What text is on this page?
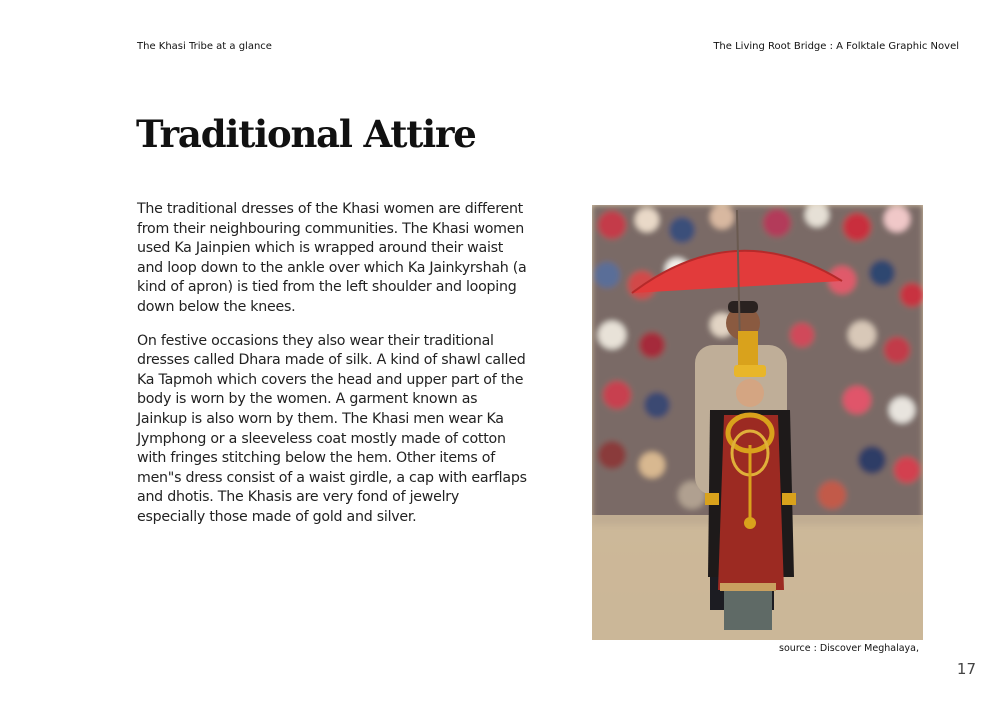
The Khasi Tribe at a glance	The Living Root Bridge : A Folktale Graphic Novel
Traditional Attire

The traditional dresses of the Khasi women are different from their neighbouring communities. The Khasi women used Ka Jainpien which is wrapped around their waist and loop down to the ankle over which Ka Jainkyrshah (a kind of apron) is tied from the left shoulder and looping down below the knees.

On festive occasions they also wear their traditional dresses called Dhara made of silk. A kind of shawl called Ka Tapmoh which covers the head and upper part of the body is worn by the women. A garment known as Jainkup is also worn by them. The Khasi men wear Ka Jymphong or a sleeveless coat mostly made of cotton with fringes stitching below the hem. Other items of men"s dress consist of a waist girdle, a cap with earflaps and dhotis. The Khasis are very fond of jewelry especially those made of gold and silver.

source : Discover Meghalaya,
17
